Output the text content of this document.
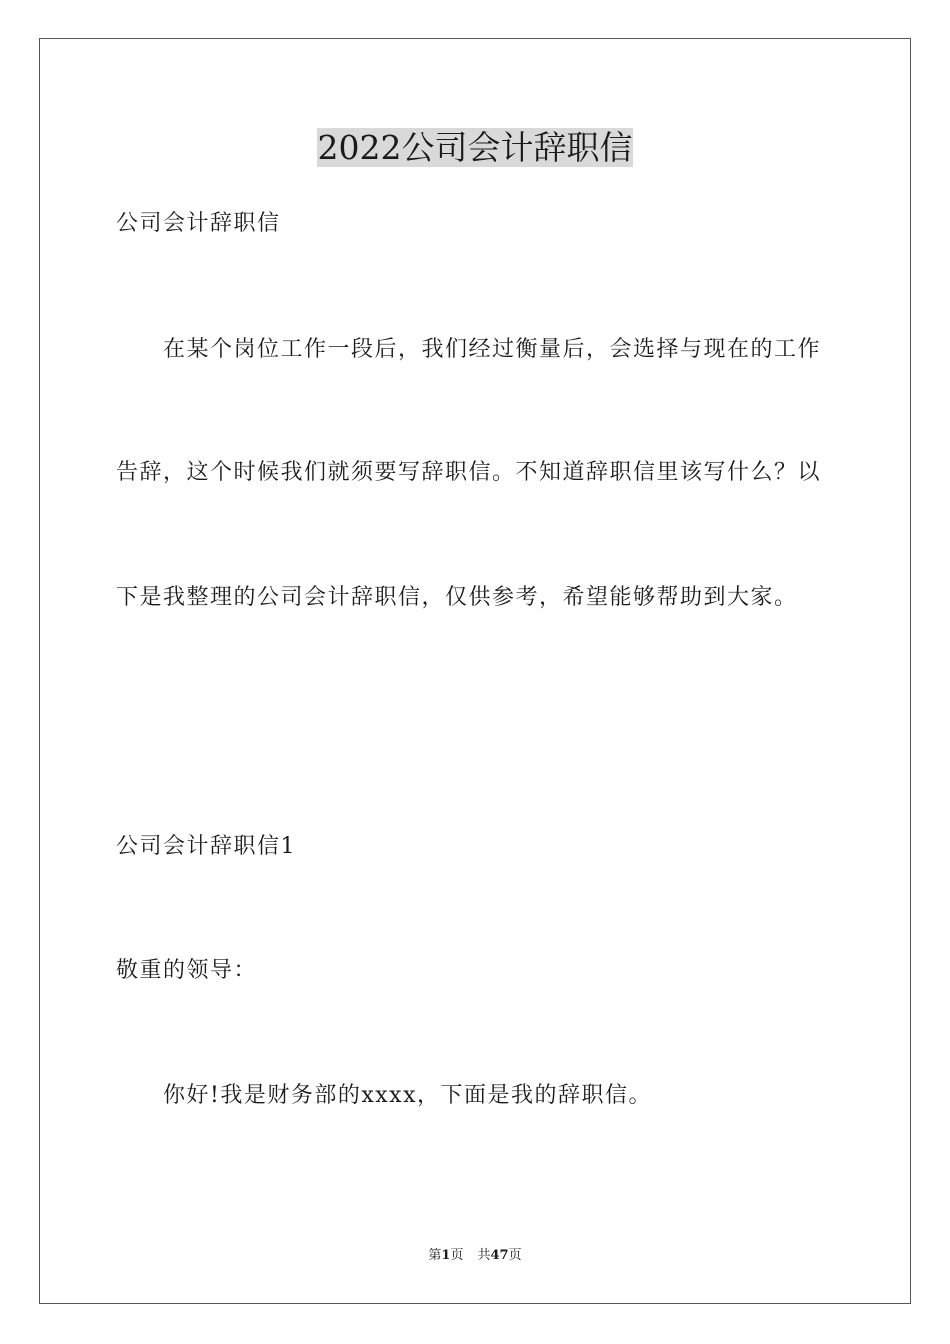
2022公司会计辞职信
公司会计辞职信
在某个岗位工作一段后，我们经过衡量后，会选择与现在的工作
告辞，这个时候我们就须要写辞职信。不知道辞职信里该写什么？以
下是我整理的公司会计辞职信，仅供参考，希望能够帮助到大家。
公司会计辞职信1
敬重的领导：
你好!我是财务部的xxxx，下面是我的辞职信。
第1页 共47页
